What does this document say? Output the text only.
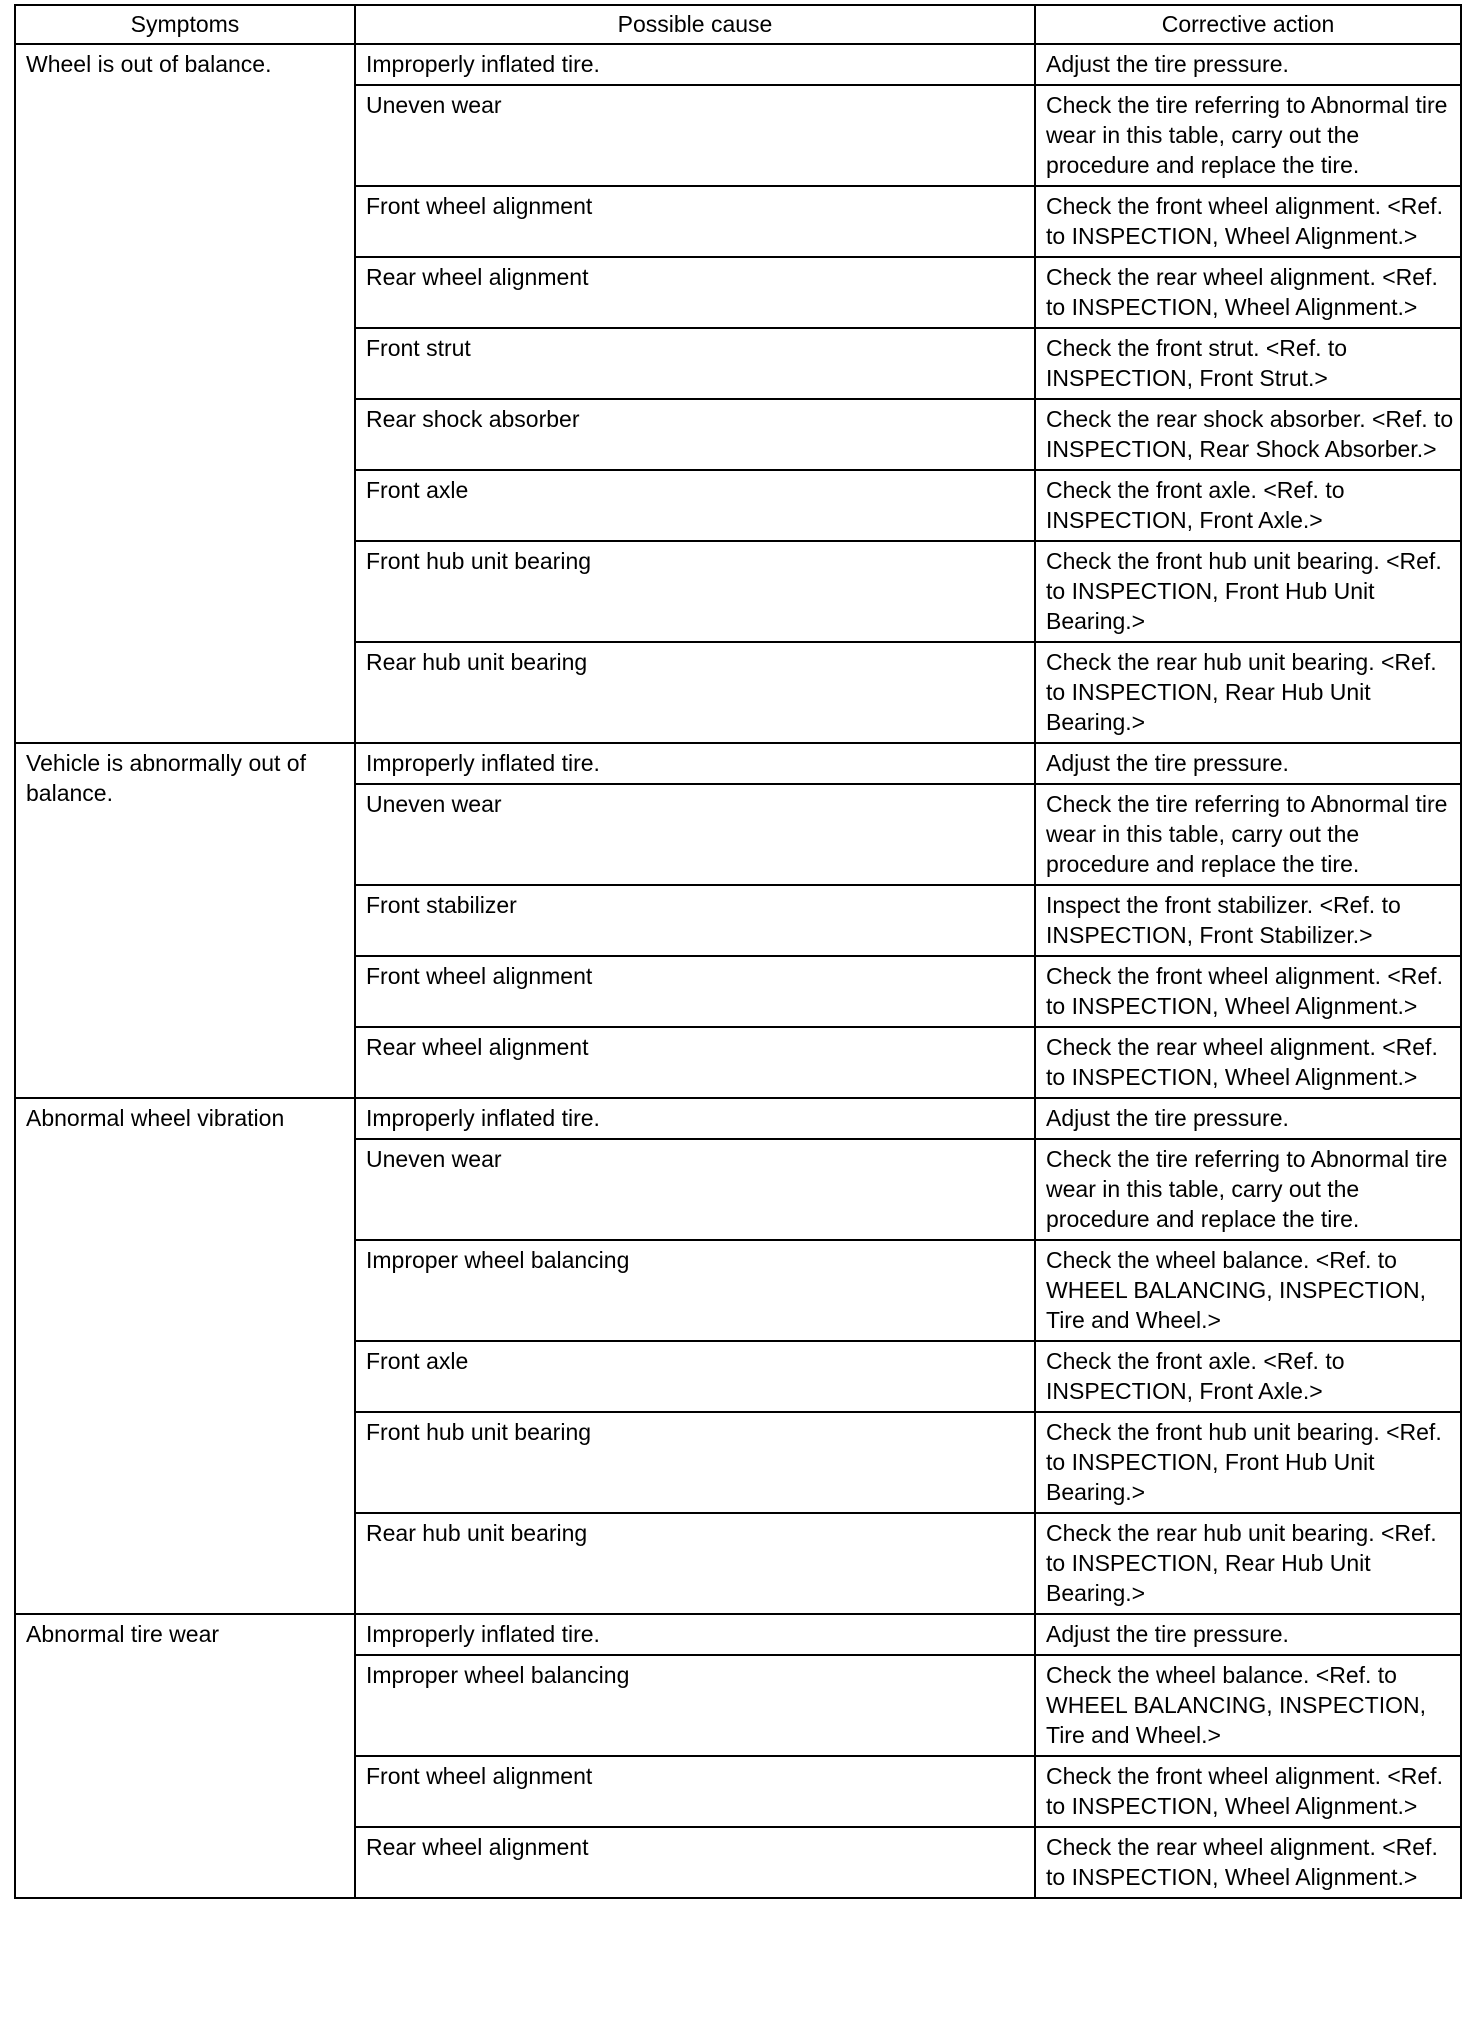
Symptoms	Possible cause	Corrective action
Wheel is out of balance.	Improperly inflated tire.	Adjust the tire pressure.
	Uneven wear	Check the tire referring to Abnormal tire wear in this table, carry out the procedure and replace the tire.
	Front wheel alignment	Check the front wheel alignment. <Ref. to INSPECTION, Wheel Alignment.>
	Rear wheel alignment	Check the rear wheel alignment. <Ref. to INSPECTION, Wheel Alignment.>
	Front strut	Check the front strut. <Ref. to INSPECTION, Front Strut.>
	Rear shock absorber	Check the rear shock absorber. <Ref. to INSPECTION, Rear Shock Absorber.>
	Front axle	Check the front axle. <Ref. to INSPECTION, Front Axle.>
	Front hub unit bearing	Check the front hub unit bearing. <Ref. to INSPECTION, Front Hub Unit Bearing.>
	Rear hub unit bearing	Check the rear hub unit bearing. <Ref. to INSPECTION, Rear Hub Unit Bearing.>
Vehicle is abnormally out of balance.	Improperly inflated tire.	Adjust the tire pressure.
	Uneven wear	Check the tire referring to Abnormal tire wear in this table, carry out the procedure and replace the tire.
	Front stabilizer	Inspect the front stabilizer. <Ref. to INSPECTION, Front Stabilizer.>
	Front wheel alignment	Check the front wheel alignment. <Ref. to INSPECTION, Wheel Alignment.>
	Rear wheel alignment	Check the rear wheel alignment. <Ref. to INSPECTION, Wheel Alignment.>
Abnormal wheel vibration	Improperly inflated tire.	Adjust the tire pressure.
	Uneven wear	Check the tire referring to Abnormal tire wear in this table, carry out the procedure and replace the tire.
	Improper wheel balancing	Check the wheel balance. <Ref. to WHEEL BALANCING, INSPECTION, Tire and Wheel.>
	Front axle	Check the front axle. <Ref. to INSPECTION, Front Axle.>
	Front hub unit bearing	Check the front hub unit bearing. <Ref. to INSPECTION, Front Hub Unit Bearing.>
	Rear hub unit bearing	Check the rear hub unit bearing. <Ref. to INSPECTION, Rear Hub Unit Bearing.>
Abnormal tire wear	Improperly inflated tire.	Adjust the tire pressure.
	Improper wheel balancing	Check the wheel balance. <Ref. to WHEEL BALANCING, INSPECTION, Tire and Wheel.>
	Front wheel alignment	Check the front wheel alignment. <Ref. to INSPECTION, Wheel Alignment.>
	Rear wheel alignment	Check the rear wheel alignment. <Ref. to INSPECTION, Wheel Alignment.>
